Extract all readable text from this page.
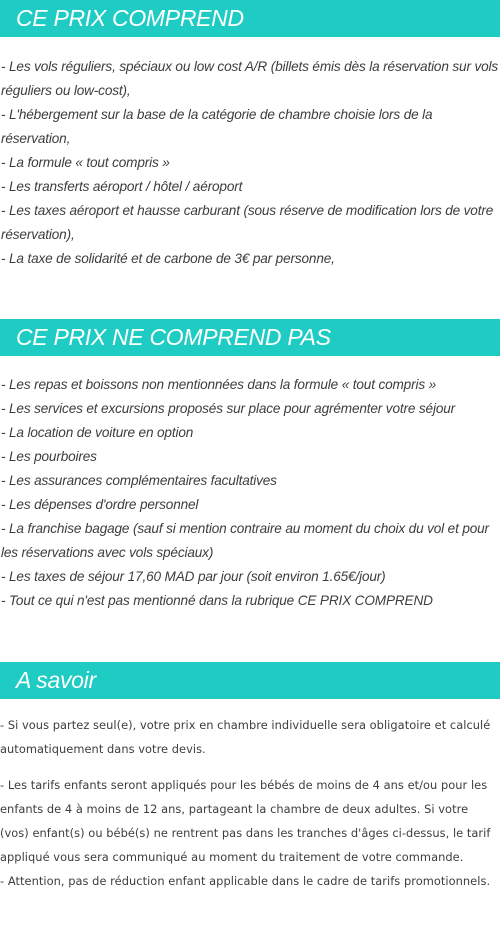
CE PRIX COMPREND
- Les vols réguliers, spéciaux ou low cost A/R (billets émis dès la réservation sur vols réguliers ou low-cost),
- L'hébergement sur la base de la catégorie de chambre choisie lors de la réservation,
- La formule « tout compris »
- Les transferts aéroport / hôtel / aéroport
- Les taxes aéroport et hausse carburant (sous réserve de modification lors de votre réservation),
- La taxe de solidarité et de carbone de 3€ par personne,
CE PRIX NE COMPREND PAS
- Les repas et boissons non mentionnées dans la formule « tout compris »
- Les services et excursions proposés sur place pour agrémenter votre séjour
- La location de voiture en option
- Les pourboires
- Les assurances complémentaires facultatives
- Les dépenses d'ordre personnel
- La franchise bagage (sauf si mention contraire au moment du choix du vol et pour les réservations avec vols spéciaux)
- Les taxes de séjour 17,60 MAD par jour (soit environ 1.65€/jour)
- Tout ce qui n'est pas mentionné dans la rubrique CE PRIX COMPREND
A savoir
- Si vous partez seul(e), votre prix en chambre individuelle sera obligatoire et calculé automatiquement dans votre devis.
- Les tarifs enfants seront appliqués pour les bébés de moins de 4 ans et/ou pour les enfants de 4 à moins de 12 ans, partageant la chambre de deux adultes. Si votre (vos) enfant(s) ou bébé(s) ne rentrent pas dans les tranches d'âges ci-dessus, le tarif appliqué vous sera communiqué au moment du traitement de votre commande.
- Attention, pas de réduction enfant applicable dans le cadre de tarifs promotionnels.
